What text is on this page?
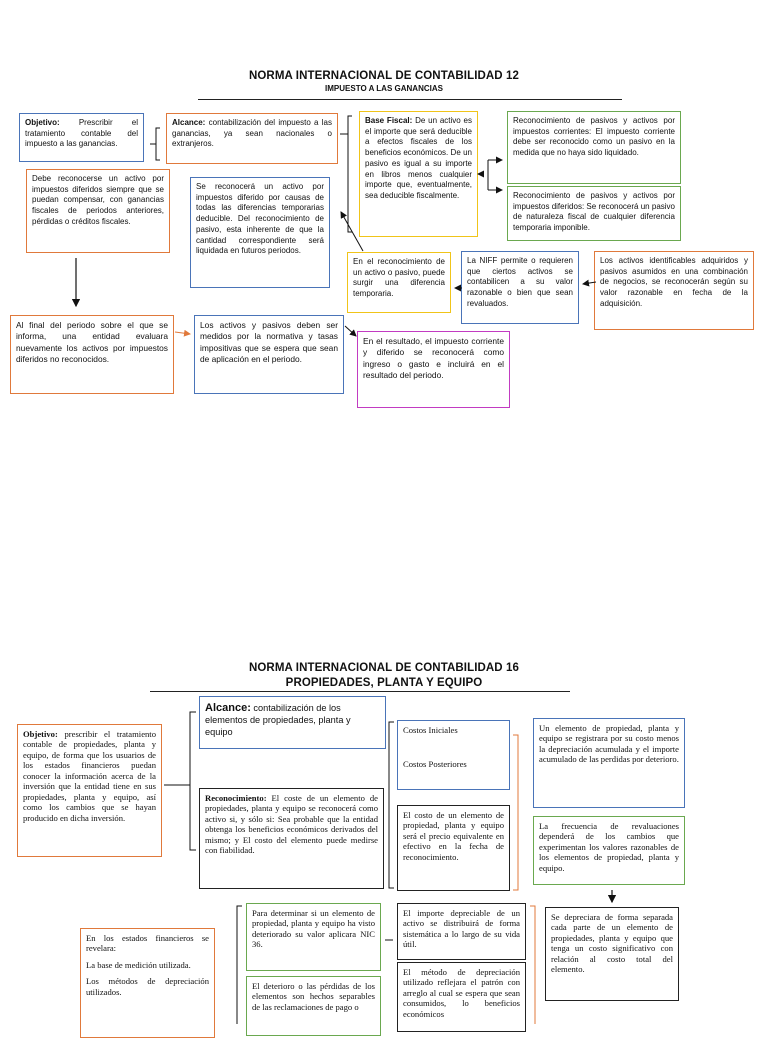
NORMA INTERNACIONAL DE CONTABILIDAD 12
IMPUESTO A LAS GANANCIAS
Objetivo: Prescribir el tratamiento contable del impuesto a las ganancias.
Alcance: contabilización del impuesto a las ganancias, ya sean nacionales o extranjeros.
Base Fiscal: De un activo es el importe que será deducible a efectos fiscales de los beneficios económicos. De un pasivo es igual a su importe en libros menos cualquier importe que, eventualmente, sea deducible fiscalmente.
Reconocimiento de pasivos y activos por impuestos corrientes: El impuesto corriente debe ser reconocido como un pasivo en la medida que no haya sido liquidado.
Reconocimiento de pasivos y activos por impuestos diferidos: Se reconocerá un pasivo de naturaleza fiscal de cualquier diferencia temporaria imponible.
Debe reconocerse un activo por impuestos diferidos siempre que se puedan compensar, con ganancias fiscales de periodos anteriores, pérdidas o créditos fiscales.
Se reconocerá un activo por impuestos diferido por causas de todas las diferencias temporarias deducible. Del reconocimiento de pasivo, esta inherente de que la cantidad correspondiente será liquidada en futuros periodos.
En el reconocimiento de un activo o pasivo, puede surgir una diferencia temporaria.
La NIFF permite o requieren que ciertos activos se contabilicen a su valor razonable o bien que sean revaluados.
Los activos identificables adquiridos y pasivos asumidos en una combinación de negocios, se reconocerán según su valor razonable en fecha de la adquisición.
Al final del periodo sobre el que se informa, una entidad evaluara nuevamente los activos por impuestos diferidos no reconocidos.
Los activos y pasivos deben ser medidos por la normativa y tasas impositivas que se espera que sean de aplicación en el periodo.
En el resultado, el impuesto corriente y diferido se reconocerá como ingreso o gasto e incluirá en el resultado del periodo.
NORMA INTERNACIONAL DE CONTABILIDAD 16
PROPIEDADES, PLANTA Y EQUIPO
Objetivo: prescribir el tratamiento contable de propiedades, planta y equipo, de forma que los usuarios de los estados financieros puedan conocer la información acerca de la inversión que la entidad tiene en sus propiedades, planta y equipo, así como los cambios que se hayan producido en dicha inversión.
Alcance: contabilización de los elementos de propiedades, planta y equipo
Reconocimiento: El coste de un elemento de propiedades, planta y equipo se reconocerá como activo si, y sólo si: Sea probable que la entidad obtenga los beneficios económicos derivados del mismo; y El costo del elemento puede medirse con fiabilidad.
Costos Iniciales
Costos Posteriores
El costo de un elemento de propiedad, planta y equipo será el precio equivalente en efectivo en la fecha de reconocimiento.
Un elemento de propiedad, planta y equipo se registrara por su costo menos la depreciación acumulada y el importe acumulado de las perdidas por deterioro.
La frecuencia de revaluaciones dependerá de los cambios que experimentan los valores razonables de los elementos de propiedad, planta y equipo.
Para determinar si un elemento de propiedad, planta y equipo ha visto deteriorado su valor aplicara NIC 36.
El importe depreciable de un activo se distribuirá de forma sistemática a lo largo de su vida útil.
Se depreciara de forma separada cada parte de un elemento de propiedades, planta y equipo que tenga un costo significativo con relación al costo total del elemento.
En los estados financieros se revelara:
La base de medición utilizada.
Los métodos de depreciación utilizados.
El deterioro o las pérdidas de los elementos son hechos separables de las reclamaciones de pago o
El método de depreciación utilizado reflejara el patrón con arreglo al cual se espera que sean consumidos, lo beneficios económicos
